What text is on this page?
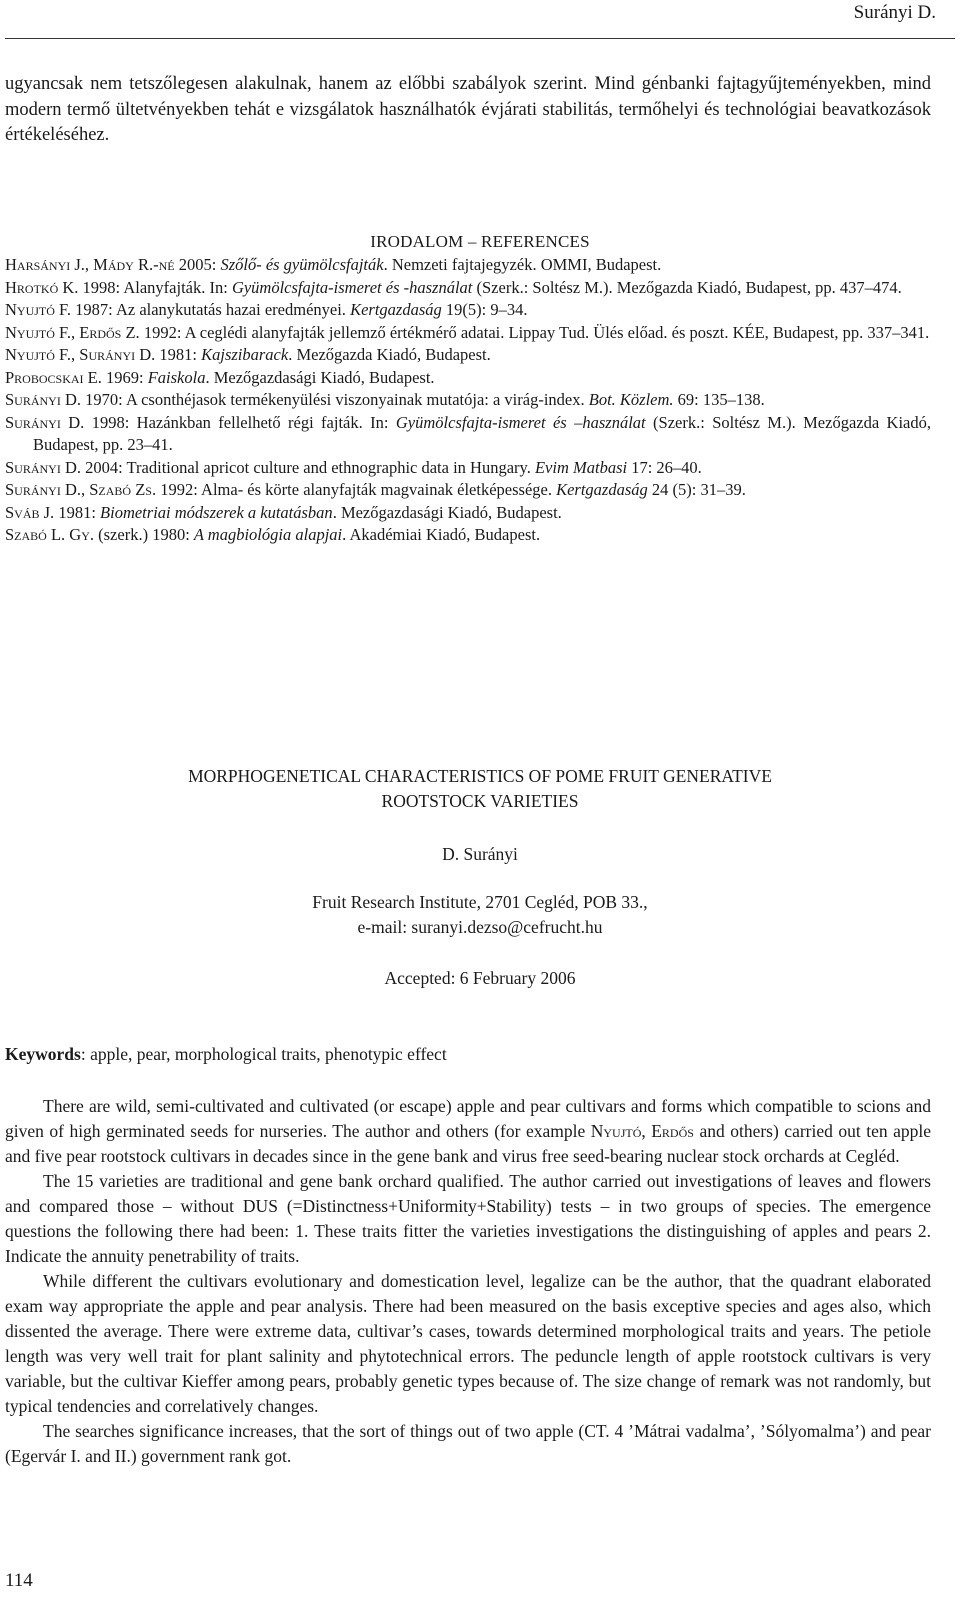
Surányi D.
ugyancsak nem tetszőlegesen alakulnak, hanem az előbbi szabályok szerint. Mind génbanki fajtagyűjteményekben, mind modern termő ültetvényekben tehát e vizsgálatok használhatók évjárati stabilitás, termőhelyi és technológiai beavatkozások értékeléséhez.
IRODALOM – REFERENCES
Harsányi J., Mády R.-né 2005: Szőlő- és gyümölcsfajták. Nemzeti fajtajegyzék. OMMI, Budapest.
Hrotkó K. 1998: Alanyfajták. In: Gyümölcsfajta-ismeret és -használat (Szerk.: Soltész M.). Mezőgazda Kiadó, Budapest, pp. 437–474.
Nyujtó F. 1987: Az alanykutatás hazai eredményei. Kertgazdaság 19(5): 9–34.
Nyujtó F., Erdős Z. 1992: A ceglédi alanyfajták jellemző értékmérő adatai. Lippay Tud. Ülés előad. és poszt. KÉE, Budapest, pp. 337–341.
Nyujtó F., Surányi D. 1981: Kajszibarack. Mezőgazda Kiadó, Budapest.
Probocskai E. 1969: Faiskola. Mezőgazdasági Kiadó, Budapest.
Surányi D. 1970: A csonthéjasok termékenyülési viszonyainak mutatója: a virág-index. Bot. Közlem. 69: 135–138.
Surányi D. 1998: Hazánkban fellelhető régi fajták. In: Gyümölcsfajta-ismeret és –használat (Szerk.: Soltész M.). Mezőgazda Kiadó, Budapest, pp. 23–41.
Surányi D. 2004: Traditional apricot culture and ethnographic data in Hungary. Evim Matbasi 17: 26–40.
Surányi D., Szabó Zs. 1992: Alma- és körte alanyfajták magvainak életképessége. Kertgazdaság 24 (5): 31–39.
Sváb J. 1981: Biometriai módszerek a kutatásban. Mezőgazdasági Kiadó, Budapest.
Szabó L. Gy. (szerk.) 1980: A magbiológia alapjai. Akadémiai Kiadó, Budapest.
MORPHOGENETICAL CHARACTERISTICS OF POME FRUIT GENERATIVE
ROOTSTOCK VARIETIES
D. Surányi
Fruit Research Institute, 2701 Cegléd, POB 33.,
e-mail: suranyi.dezso@cefrucht.hu
Accepted: 6 February 2006
Keywords: apple, pear, morphological traits, phenotypic effect

There are wild, semi-cultivated and cultivated (or escape) apple and pear cultivars and forms which compatible to scions and given of high germinated seeds for nurseries. The author and others (for example Nyujtó, Erdős and others) carried out ten apple and five pear rootstock cultivars in decades since in the gene bank and virus free seed-bearing nuclear stock orchards at Cegléd.

The 15 varieties are traditional and gene bank orchard qualified. The author carried out investigations of leaves and flowers and compared those – without DUS (=Distinctness+Uniformity+Stability) tests – in two groups of species. The emergence questions the following there had been: 1. These traits fitter the varieties investigations the distinguishing of apples and pears 2. Indicate the annuity penetrability of traits.

While different the cultivars evolutionary and domestication level, legalize can be the author, that the quadrant elaborated exam way appropriate the apple and pear analysis. There had been measured on the basis exceptive species and ages also, which dissented the average. There were extreme data, cultivar’s cases, towards determined morphological traits and years. The petiole length was very well trait for plant salinity and phytotechnical errors. The peduncle length of apple rootstock cultivars is very variable, but the cultivar Kieffer among pears, probably genetic types because of. The size change of remark was not randomly, but typical tendencies and correlatively changes.

The searches significance increases, that the sort of things out of two apple (CT. 4 ’Mátrai vadalma’, ’Sólyomalma’) and pear (Egervár I. and II.) government rank got.

114
